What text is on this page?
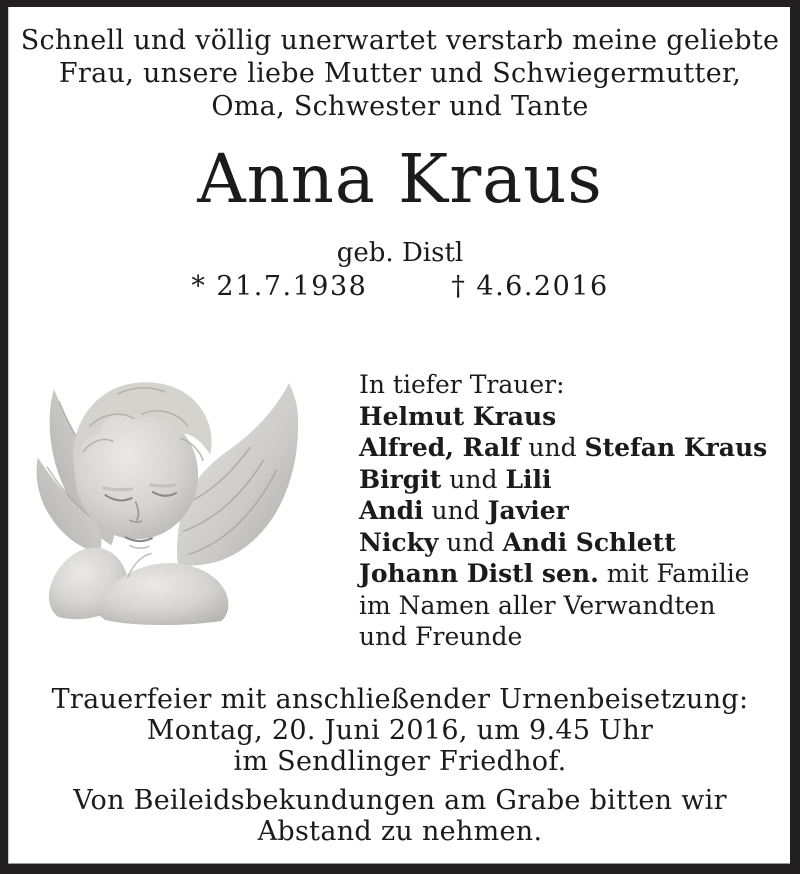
Schnell und völlig unerwartet verstarb meine geliebte
Frau, unsere liebe Mutter und Schwiegermutter,
Oma, Schwester und Tante
Anna Kraus
geb. Distl
* 21.7.1938	† 4.6.2016
In tiefer Trauer:
Helmut Kraus
Alfred, Ralf und Stefan Kraus
Birgit und Lili
Andi und Javier
Nicky und Andi Schlett
Johann Distl sen. mit Familie
im Namen aller Verwandten
und Freunde
Trauerfeier mit anschließender Urnenbeisetzung:
Montag, 20. Juni 2016, um 9.45 Uhr
im Sendlinger Friedhof.
Von Beileidsbekundungen am Grabe bitten wir
Abstand zu nehmen.
